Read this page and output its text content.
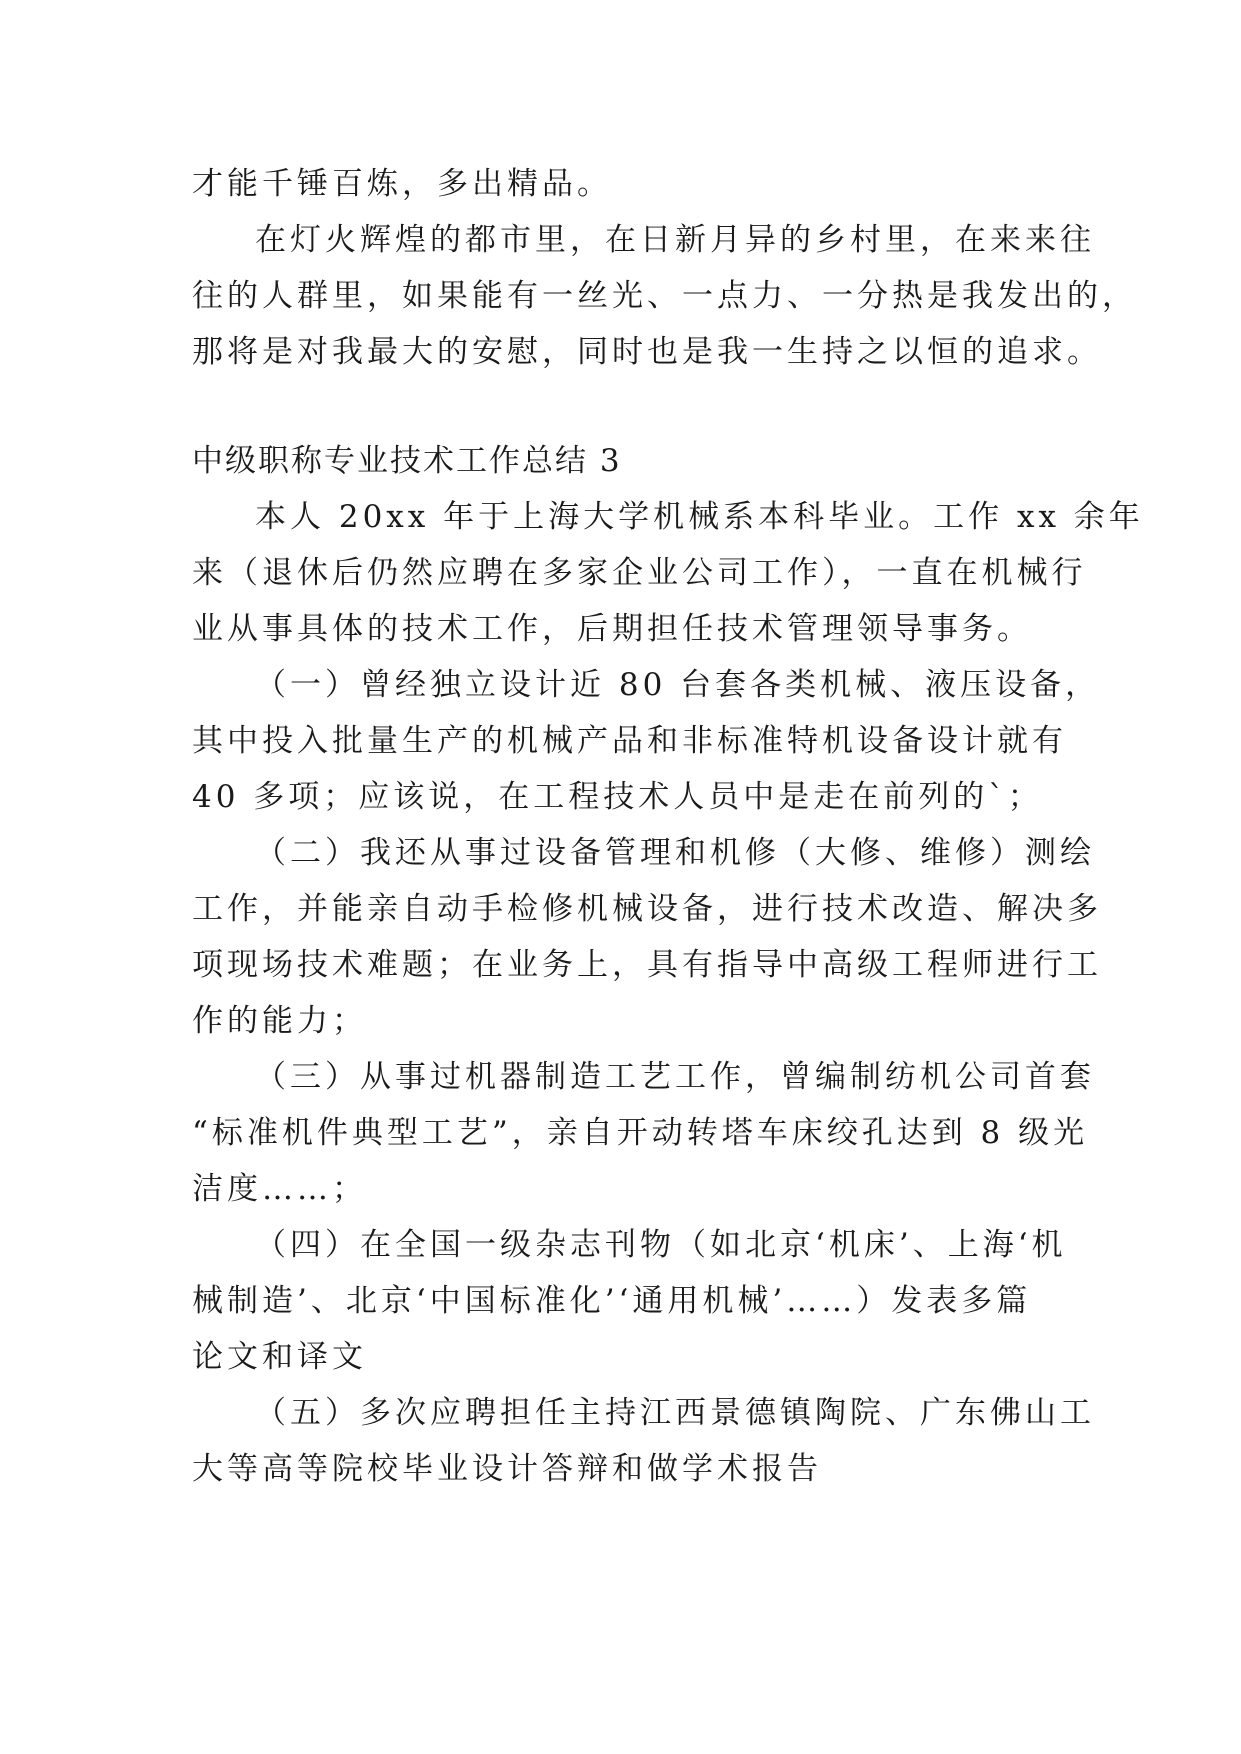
才能千锤百炼，多出精品。
在灯火辉煌的都市里，在日新月异的乡村里，在来来往
往的人群里，如果能有一丝光、一点力、一分热是我发出的，
那将是对我最大的安慰，同时也是我一生持之以恒的追求。
中级职称专业技术工作总结 3
本人 20xx 年于上海大学机械系本科毕业。工作 xx 余年
来（退休后仍然应聘在多家企业公司工作），一直在机械行
业从事具体的技术工作，后期担任技术管理领导事务。
（一）曾经独立设计近 80 台套各类机械、液压设备，
其中投入批量生产的机械产品和非标准特机设备设计就有
40 多项；应该说，在工程技术人员中是走在前列的`；
（二）我还从事过设备管理和机修（大修、维修）测绘
工作，并能亲自动手检修机械设备，进行技术改造、解决多
项现场技术难题；在业务上，具有指导中高级工程师进行工
作的能力；
（三）从事过机器制造工艺工作，曾编制纺机公司首套
“标准机件典型工艺”，亲自开动转塔车床绞孔达到 8 级光
洁度……；
（四）在全国一级杂志刊物（如北京‘机床’、上海‘机
械制造’、北京‘中国标准化’‘通用机械’……）发表多篇
论文和译文
（五）多次应聘担任主持江西景德镇陶院、广东佛山工
大等高等院校毕业设计答辩和做学术报告
